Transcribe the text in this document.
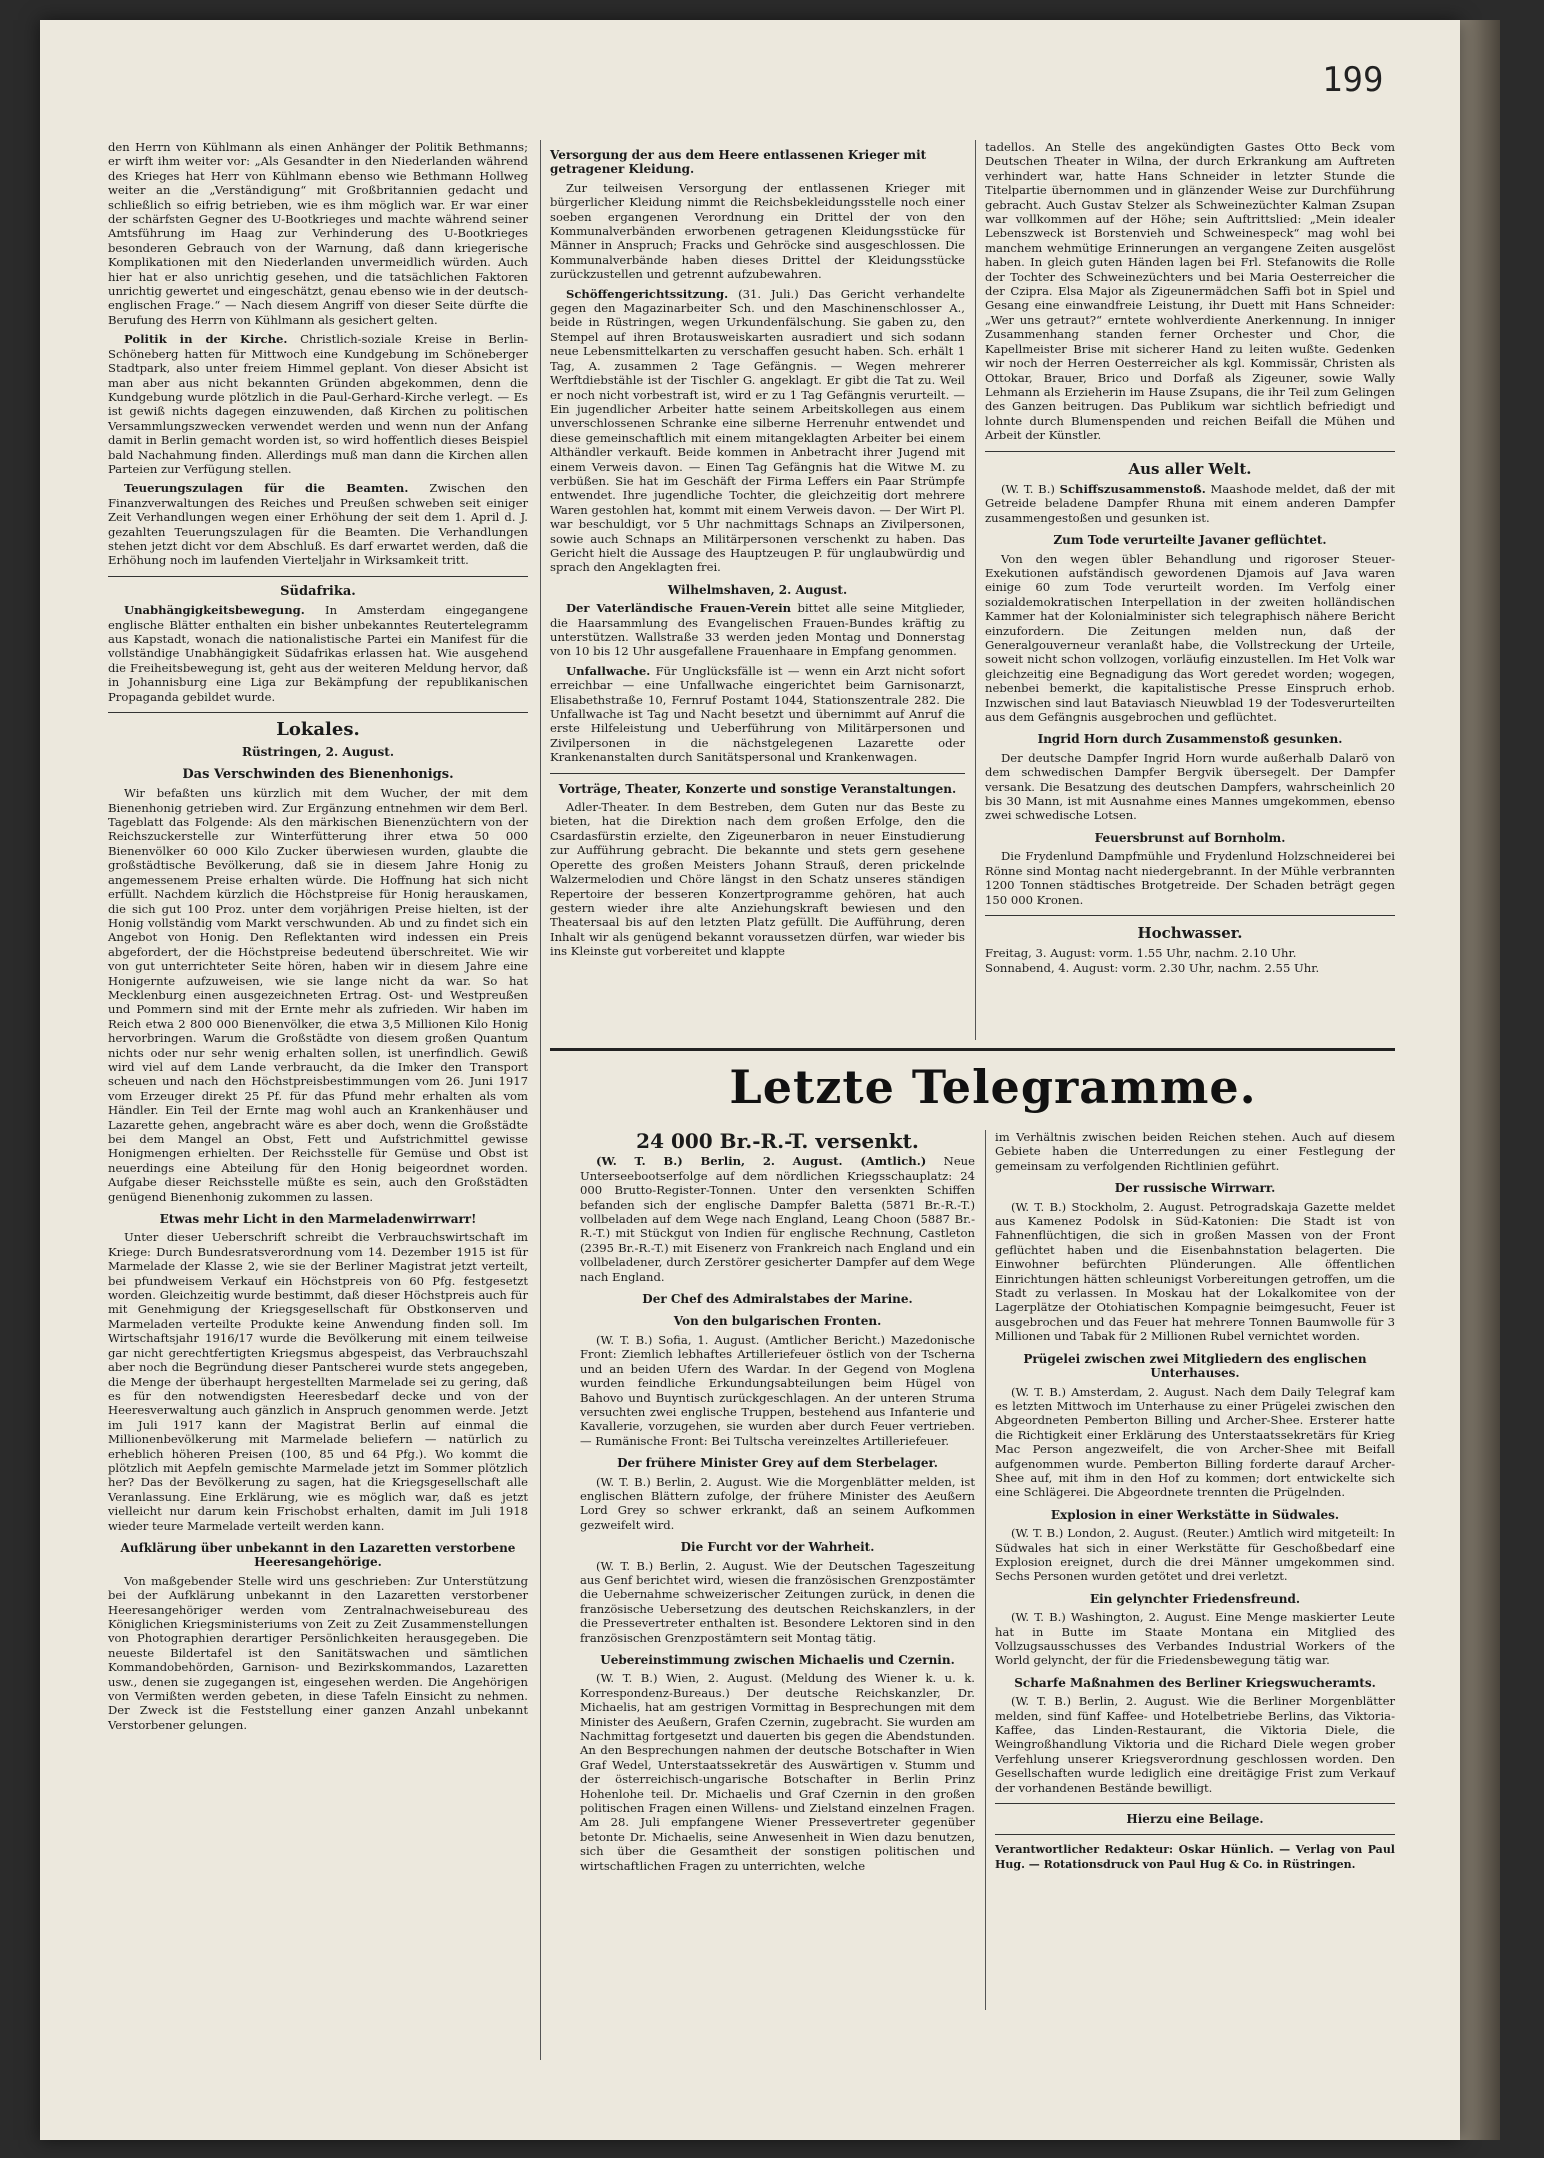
199

den Herrn von Kühlmann als einen Anhänger der Politik Bethmanns; er wirft ihm weiter vor: „Als Gesandter in den Niederlanden während des Krieges hat Herr von Kühlmann ebenso wie Bethmann Hollweg weiter an die „Verständigung“ mit Großbritannien gedacht und schließlich so eifrig betrieben, wie es ihm möglich war. Er war einer der schärfsten Gegner des U-Bootkrieges und machte während seiner Amtsführung im Haag zur Verhinderung des U-Bootkrieges besonderen Gebrauch von der Warnung, daß dann kriegerische Komplikationen mit den Niederlanden unvermeidlich würden. Auch hier hat er also unrichtig gesehen, und die tatsächlichen Faktoren unrichtig gewertet und eingeschätzt, genau ebenso wie in der deutsch-englischen Frage.“ — Nach diesem Angriff von dieser Seite dürfte die Berufung des Herrn von Kühlmann als gesichert gelten.

Politik in der Kirche. Christlich-soziale Kreise in Berlin-Schöneberg hatten für Mittwoch eine Kundgebung im Schöneberger Stadtpark, also unter freiem Himmel geplant. Von dieser Absicht ist man aber aus nicht bekannten Gründen abgekommen, denn die Kundgebung wurde plötzlich in die Paul-Gerhard-Kirche verlegt. — Es ist gewiß nichts dagegen einzuwenden, daß Kirchen zu politischen Versammlungszwecken verwendet werden und wenn nun der Anfang damit in Berlin gemacht worden ist, so wird hoffentlich dieses Beispiel bald Nachahmung finden. Allerdings muß man dann die Kirchen allen Parteien zur Verfügung stellen.

Teuerungszulagen für die Beamten. Zwischen den Finanzverwaltungen des Reiches und Preußen schweben seit einiger Zeit Verhandlungen wegen einer Erhöhung der seit dem 1. April d. J. gezahlten Teuerungszulagen für die Beamten. Die Verhandlungen stehen jetzt dicht vor dem Abschluß. Es darf erwartet werden, daß die Erhöhung noch im laufenden Vierteljahr in Wirksamkeit tritt.

Südafrika.

Unabhängigkeitsbewegung. In Amsterdam eingegangene englische Blätter enthalten ein bisher unbekanntes Reutertelegramm aus Kapstadt, wonach die nationalistische Partei ein Manifest für die vollständige Unabhängigkeit Südafrikas erlassen hat. Wie ausgehend die Freiheitsbewegung ist, geht aus der weiteren Meldung hervor, daß in Johannisburg eine Liga zur Bekämpfung der republikanischen Propaganda gebildet wurde.

Lokales.
Rüstringen, 2. August.
Das Verschwinden des Bienenhonigs.

Wir befaßten uns kürzlich mit dem Wucher, der mit dem Bienenhonig getrieben wird. Zur Ergänzung entnehmen wir dem Berl. Tageblatt das Folgende: Als den märkischen Bienenzüchtern von der Reichszuckerstelle zur Winterfütterung ihrer etwa 50 000 Bienenvölker 60 000 Kilo Zucker überwiesen wurden, glaubte die großstädtische Bevölkerung, daß sie in diesem Jahre Honig zu angemessenem Preise erhalten würde. Die Hoffnung hat sich nicht erfüllt. Nachdem kürzlich die Höchstpreise für Honig herauskamen, die sich gut 100 Proz. unter dem vorjährigen Preise hielten, ist der Honig vollständig vom Markt verschwunden. Ab und zu findet sich ein Angebot von Honig. Den Reflektanten wird indessen ein Preis abgefordert, der die Höchstpreise bedeutend überschreitet. Wie wir von gut unterrichteter Seite hören, haben wir in diesem Jahre eine Honigernte aufzuweisen, wie sie lange nicht da war. So hat Mecklenburg einen ausgezeichneten Ertrag. Ost- und Westpreußen und Pommern sind mit der Ernte mehr als zufrieden. Wir haben im Reich etwa 2 800 000 Bienenvölker, die etwa 3,5 Millionen Kilo Honig hervorbringen. Warum die Großstädte von diesem großen Quantum nichts oder nur sehr wenig erhalten sollen, ist unerfindlich. Gewiß wird viel auf dem Lande verbraucht, da die Imker den Transport scheuen und nach den Höchstpreisbestimmungen vom 26. Juni 1917 vom Erzeuger direkt 25 Pf. für das Pfund mehr erhalten als vom Händler. Ein Teil der Ernte mag wohl auch an Krankenhäuser und Lazarette gehen, angebracht wäre es aber doch, wenn die Großstädte bei dem Mangel an Obst, Fett und Aufstrichmittel gewisse Honigmengen erhielten. Der Reichsstelle für Gemüse und Obst ist neuerdings eine Abteilung für den Honig beigeordnet worden. Aufgabe dieser Reichsstelle müßte es sein, auch den Großstädten genügend Bienenhonig zukommen zu lassen.

Etwas mehr Licht in den Marmeladenwirrwarr!

Unter dieser Ueberschrift schreibt die Verbrauchswirtschaft im Kriege: Durch Bundesratsverordnung vom 14. Dezember 1915 ist für Marmelade der Klasse 2, wie sie der Berliner Magistrat jetzt verteilt, bei pfundweisem Verkauf ein Höchstpreis von 60 Pfg. festgesetzt worden. Gleichzeitig wurde bestimmt, daß dieser Höchstpreis auch für mit Genehmigung der Kriegsgesellschaft für Obstkonserven und Marmeladen verteilte Produkte keine Anwendung finden soll. Im Wirtschaftsjahr 1916/17 wurde die Bevölkerung mit einem teilweise gar nicht gerechtfertigten Kriegsmus abgespeist, das Verbrauchszahl aber noch die Begründung dieser Pantscherei wurde stets angegeben, die Menge der überhaupt hergestellten Marmelade sei zu gering, daß es für den notwendigsten Heeresbedarf decke und von der Heeresverwaltung auch gänzlich in Anspruch genommen werde. Jetzt im Juli 1917 kann der Magistrat Berlin auf einmal die Millionenbevölkerung mit Marmelade beliefern — natürlich zu erheblich höheren Preisen (100, 85 und 64 Pfg.). Wo kommt die plötzlich mit Aepfeln gemischte Marmelade jetzt im Sommer plötzlich her? Das der Bevölkerung zu sagen, hat die Kriegsgesellschaft alle Veranlassung. Eine Erklärung, wie es möglich war, daß es jetzt vielleicht nur darum kein Frischobst erhalten, damit im Juli 1918 wieder teure Marmelade verteilt werden kann.

Aufklärung über unbekannt in den Lazaretten verstorbene Heeresangehörige.

Von maßgebender Stelle wird uns geschrieben: Zur Unterstützung bei der Aufklärung unbekannt in den Lazaretten verstorbener Heeresangehöriger werden vom Zentralnachweisebureau des Königlichen Kriegsministeriums von Zeit zu Zeit Zusammenstellungen von Photographien derartiger Persönlichkeiten herausgegeben. Die neueste Bildertafel ist den Sanitätswachen und sämtlichen Kommandobehörden, Garnison- und Bezirkskommandos, Lazaretten usw., denen sie zugegangen ist, eingesehen werden. Die Angehörigen von Vermißten werden gebeten, in diese Tafeln Einsicht zu nehmen. Der Zweck ist die Feststellung einer ganzen Anzahl unbekannt Verstorbener gelungen.

Versorgung der aus dem Heere entlassenen Krieger mit getragener Kleidung.

Zur teilweisen Versorgung der entlassenen Krieger mit bürgerlicher Kleidung nimmt die Reichsbekleidungsstelle noch einer soeben ergangenen Verordnung ein Drittel der von den Kommunalverbänden erworbenen getragenen Kleidungsstücke für Männer in Anspruch; Fracks und Gehröcke sind ausgeschlossen. Die Kommunalverbände haben dieses Drittel der Kleidungsstücke zurückzustellen und getrennt aufzubewahren.

Schöffengerichtssitzung. (31. Juli.) Das Gericht verhandelte gegen den Magazinarbeiter Sch. und den Maschinenschlosser A., beide in Rüstringen, wegen Urkundenfälschung. Sie gaben zu, den Stempel auf ihren Brotausweiskarten ausradiert und sich sodann neue Lebensmittelkarten zu verschaffen gesucht haben. Sch. erhält 1 Tag, A. zusammen 2 Tage Gefängnis. — Wegen mehrerer Werftdiebstähle ist der Tischler G. angeklagt. Er gibt die Tat zu. Weil er noch nicht vorbestraft ist, wird er zu 1 Tag Gefängnis verurteilt. — Ein jugendlicher Arbeiter hatte seinem Arbeitskollegen aus einem unverschlossenen Schranke eine silberne Herrenuhr entwendet und diese gemeinschaftlich mit einem mitangeklagten Arbeiter bei einem Althändler verkauft. Beide kommen in Anbetracht ihrer Jugend mit einem Verweis davon. — Einen Tag Gefängnis hat die Witwe M. zu verbüßen. Sie hat im Geschäft der Firma Leffers ein Paar Strümpfe entwendet. Ihre jugendliche Tochter, die gleichzeitig dort mehrere Waren gestohlen hat, kommt mit einem Verweis davon. — Der Wirt Pl. war beschuldigt, vor 5 Uhr nachmittags Schnaps an Zivilpersonen, sowie auch Schnaps an Militärpersonen verschenkt zu haben. Das Gericht hielt die Aussage des Hauptzeugen P. für unglaubwürdig und sprach den Angeklagten frei.

Wilhelmshaven, 2. August.

Der Vaterländische Frauen-Verein bittet alle seine Mitglieder, die Haarsammlung des Evangelischen Frauen-Bundes kräftig zu unterstützen. Wallstraße 33 werden jeden Montag und Donnerstag von 10 bis 12 Uhr ausgefallene Frauenhaare in Empfang genommen.

Unfallwache. Für Unglücksfälle ist — wenn ein Arzt nicht sofort erreichbar — eine Unfallwache eingerichtet beim Garnisonarzt, Elisabethstraße 10, Fernruf Postamt 1044, Stationszentrale 282. Die Unfallwache ist Tag und Nacht besetzt und übernimmt auf Anruf die erste Hilfeleistung und Ueberführung von Militärpersonen und Zivilpersonen in die nächstgelegenen Lazarette oder Krankenanstalten durch Sanitätspersonal und Krankenwagen.

Vorträge, Theater, Konzerte und sonstige Veranstaltungen.

Adler-Theater. In dem Bestreben, dem Guten nur das Beste zu bieten, hat die Direktion nach dem großen Erfolge, den die Csardasfürstin erzielte, den Zigeunerbaron in neuer Einstudierung zur Aufführung gebracht. Die bekannte und stets gern gesehene Operette des großen Meisters Johann Strauß, deren prickelnde Walzermelodien und Chöre längst in den Schatz unseres ständigen Repertoire der besseren Konzertprogramme gehören, hat auch gestern wieder ihre alte Anziehungskraft bewiesen und den Theatersaal bis auf den letzten Platz gefüllt. Die Aufführung, deren Inhalt wir als genügend bekannt voraussetzen dürfen, war wieder bis ins Kleinste gut vorbereitet und klappte

tadellos. An Stelle des angekündigten Gastes Otto Beck vom Deutschen Theater in Wilna, der durch Erkrankung am Auftreten verhindert war, hatte Hans Schneider in letzter Stunde die Titelpartie übernommen und in glänzender Weise zur Durchführung gebracht. Auch Gustav Stelzer als Schweinezüchter Kalman Zsupan war vollkommen auf der Höhe; sein Auftrittslied: „Mein idealer Lebenszweck ist Borstenvieh und Schweinespeck“ mag wohl bei manchem wehmütige Erinnerungen an vergangene Zeiten ausgelöst haben. In gleich guten Händen lagen bei Frl. Stefanowits die Rolle der Tochter des Schweinezüchters und bei Maria Oesterreicher die der Czipra. Elsa Major als Zigeunermädchen Saffi bot in Spiel und Gesang eine einwandfreie Leistung, ihr Duett mit Hans Schneider: „Wer uns getraut?“ erntete wohlverdiente Anerkennung. In inniger Zusammenhang standen ferner Orchester und Chor, die Kapellmeister Brise mit sicherer Hand zu leiten wußte. Gedenken wir noch der Herren Oesterreicher als kgl. Kommissär, Christen als Ottokar, Brauer, Brico und Dorfaß als Zigeuner, sowie Wally Lehmann als Erzieherin im Hause Zsupans, die ihr Teil zum Gelingen des Ganzen beitrugen. Das Publikum war sichtlich befriedigt und lohnte durch Blumenspenden und reichen Beifall die Mühen und Arbeit der Künstler.

Aus aller Welt.

(W. T. B.) Schiffszusammenstoß. Maashode meldet, daß der mit Getreide beladene Dampfer Rhuna mit einem anderen Dampfer zusammengestoßen und gesunken ist.

Zum Tode verurteilte Javaner geflüchtet.

Von den wegen übler Behandlung und rigoroser Steuer-Exekutionen aufständisch gewordenen Djamois auf Java waren einige 60 zum Tode verurteilt worden. Im Verfolg einer sozialdemokratischen Interpellation in der zweiten holländischen Kammer hat der Kolonialminister sich telegraphisch nähere Bericht einzufordern. Die Zeitungen melden nun, daß der Generalgouverneur veranlaßt habe, die Vollstreckung der Urteile, soweit nicht schon vollzogen, vorläufig einzustellen. Im Het Volk war gleichzeitig eine Begnadigung das Wort geredet worden; wogegen, nebenbei bemerkt, die kapitalistische Presse Einspruch erhob. Inzwischen sind laut Bataviasch Nieuwblad 19 der Todesverurteilten aus dem Gefängnis ausgebrochen und geflüchtet.

Ingrid Horn durch Zusammenstoß gesunken.

Der deutsche Dampfer Ingrid Horn wurde außerhalb Dalarö von dem schwedischen Dampfer Bergvik übersegelt. Der Dampfer versank. Die Besatzung des deutschen Dampfers, wahrscheinlich 20 bis 30 Mann, ist mit Ausnahme eines Mannes umgekommen, ebenso zwei schwedische Lotsen.

Feuersbrunst auf Bornholm.

Die Frydenlund Dampfmühle und Frydenlund Holzschneiderei bei Rönne sind Montag nacht niedergebrannt. In der Mühle verbrannten 1200 Tonnen städtisches Brotgetreide. Der Schaden beträgt gegen 150 000 Kronen.

Hochwasser.

Freitag, 3. August: vorm. 1.55 Uhr, nachm. 2.10 Uhr.

Sonnabend, 4. August: vorm. 2.30 Uhr, nachm. 2.55 Uhr.

Letzte Telegramme.
24 000 Br.-R.-T. versenkt.

(W. T. B.) Berlin, 2. August. (Amtlich.) Neue Unterseebootserfolge auf dem nördlichen Kriegsschauplatz: 24 000 Brutto-Register-Tonnen. Unter den versenkten Schiffen befanden sich der englische Dampfer Baletta (5871 Br.-R.-T.) vollbeladen auf dem Wege nach England, Leang Choon (5887 Br.-R.-T.) mit Stückgut von Indien für englische Rechnung, Castleton (2395 Br.-R.-T.) mit Eisenerz von Frankreich nach England und ein vollbeladener, durch Zerstörer gesicherter Dampfer auf dem Wege nach England.

Der Chef des Admiralstabes der Marine.
Von den bulgarischen Fronten.

(W. T. B.) Sofia, 1. August. (Amtlicher Bericht.) Mazedonische Front: Ziemlich lebhaftes Artilleriefeuer östlich von der Tscherna und an beiden Ufern des Wardar. In der Gegend von Moglena wurden feindliche Erkundungsabteilungen beim Hügel von Bahovo und Buyntisch zurückgeschlagen. An der unteren Struma versuchten zwei englische Truppen, bestehend aus Infanterie und Kavallerie, vorzugehen, sie wurden aber durch Feuer vertrieben. — Rumänische Front: Bei Tultscha vereinzeltes Artilleriefeuer.

Der frühere Minister Grey auf dem Sterbelager.

(W. T. B.) Berlin, 2. August. Wie die Morgenblätter melden, ist englischen Blättern zufolge, der frühere Minister des Aeußern Lord Grey so schwer erkrankt, daß an seinem Aufkommen gezweifelt wird.

Die Furcht vor der Wahrheit.

(W. T. B.) Berlin, 2. August. Wie der Deutschen Tageszeitung aus Genf berichtet wird, wiesen die französischen Grenzpostämter die Uebernahme schweizerischer Zeitungen zurück, in denen die französische Uebersetzung des deutschen Reichskanzlers, in der die Pressevertreter enthalten ist. Besondere Lektoren sind in den französischen Grenzpostämtern seit Montag tätig.

Uebereinstimmung zwischen Michaelis und Czernin.

(W. T. B.) Wien, 2. August. (Meldung des Wiener k. u. k. Korrespondenz-Bureaus.) Der deutsche Reichskanzler, Dr. Michaelis, hat am gestrigen Vormittag in Besprechungen mit dem Minister des Aeußern, Grafen Czernin, zugebracht. Sie wurden am Nachmittag fortgesetzt und dauerten bis gegen die Abendstunden. An den Besprechungen nahmen der deutsche Botschafter in Wien Graf Wedel, Unterstaatssekretär des Auswärtigen v. Stumm und der österreichisch-ungarische Botschafter in Berlin Prinz Hohenlohe teil. Dr. Michaelis und Graf Czernin in den großen politischen Fragen einen Willens- und Zielstand einzelnen Fragen. Am 28. Juli empfangene Wiener Pressevertreter gegenüber betonte Dr. Michaelis, seine Anwesenheit in Wien dazu benutzen, sich über die Gesamtheit der sonstigen politischen und wirtschaftlichen Fragen zu unterrichten, welche

im Verhältnis zwischen beiden Reichen stehen. Auch auf diesem Gebiete haben die Unterredungen zu einer Festlegung der gemeinsam zu verfolgenden Richtlinien geführt.

Der russische Wirrwarr.

(W. T. B.) Stockholm, 2. August. Petrogradskaja Gazette meldet aus Kamenez Podolsk in Süd-Katonien: Die Stadt ist von Fahnenflüchtigen, die sich in großen Massen von der Front geflüchtet haben und die Eisenbahnstation belagerten. Die Einwohner befürchten Plünderungen. Alle öffentlichen Einrichtungen hätten schleunigst Vorbereitungen getroffen, um die Stadt zu verlassen. In Moskau hat der Lokalkomitee von der Lagerplätze der Otohiatischen Kompagnie beimgesucht, Feuer ist ausgebrochen und das Feuer hat mehrere Tonnen Baumwolle für 3 Millionen und Tabak für 2 Millionen Rubel vernichtet worden.

Prügelei zwischen zwei Mitgliedern des englischen Unterhauses.

(W. T. B.) Amsterdam, 2. August. Nach dem Daily Telegraf kam es letzten Mittwoch im Unterhause zu einer Prügelei zwischen den Abgeordneten Pemberton Billing und Archer-Shee. Ersterer hatte die Richtigkeit einer Erklärung des Unterstaatssekretärs für Krieg Mac Person angezweifelt, die von Archer-Shee mit Beifall aufgenommen wurde. Pemberton Billing forderte darauf Archer-Shee auf, mit ihm in den Hof zu kommen; dort entwickelte sich eine Schlägerei. Die Abgeordnete trennten die Prügelnden.

Explosion in einer Werkstätte in Südwales.

(W. T. B.) London, 2. August. (Reuter.) Amtlich wird mitgeteilt: In Südwales hat sich in einer Werkstätte für Geschoßbedarf eine Explosion ereignet, durch die drei Männer umgekommen sind. Sechs Personen wurden getötet und drei verletzt.

Ein gelynchter Friedensfreund.

(W. T. B.) Washington, 2. August. Eine Menge maskierter Leute hat in Butte im Staate Montana ein Mitglied des Vollzugsausschusses des Verbandes Industrial Workers of the World gelyncht, der für die Friedensbewegung tätig war.

Scharfe Maßnahmen des Berliner Kriegswucheramts.

(W. T. B.) Berlin, 2. August. Wie die Berliner Morgenblätter melden, sind fünf Kaffee- und Hotelbetriebe Berlins, das Viktoria-Kaffee, das Linden-Restaurant, die Viktoria Diele, die Weingroßhandlung Viktoria und die Richard Diele wegen grober Verfehlung unserer Kriegsverordnung geschlossen worden. Den Gesellschaften wurde lediglich eine dreitägige Frist zum Verkauf der vorhandenen Bestände bewilligt.

Hierzu eine Beilage.

Verantwortlicher Redakteur: Oskar Hünlich. — Verlag von Paul Hug. — Rotationsdruck von Paul Hug & Co. in Rüstringen.
